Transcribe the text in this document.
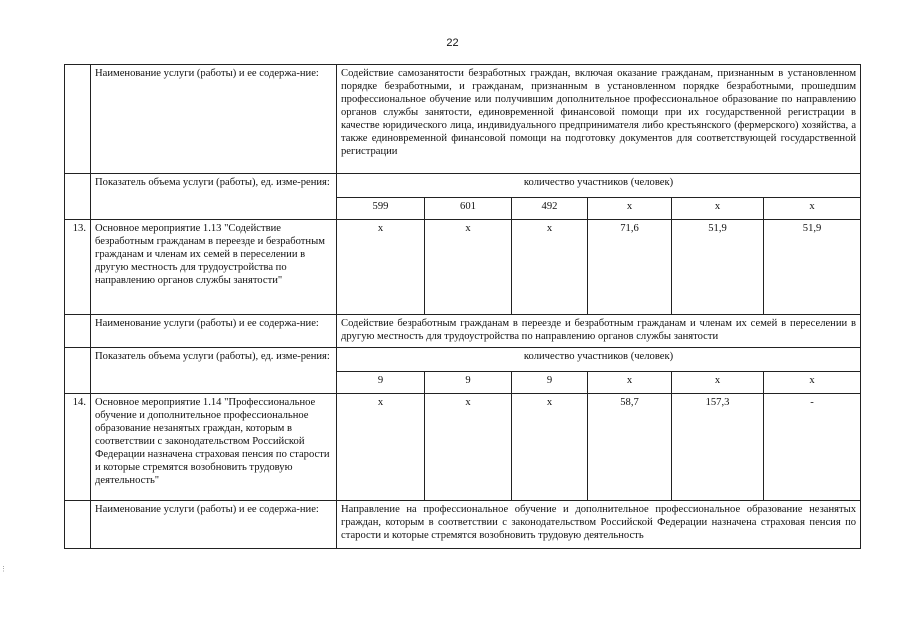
22
	Наименование услуги (работы) и ее содержа-ние:	Содействие самозанятости безработных граждан, включая оказание гражданам, признанным в установленном порядке безработными, и гражданам, признанным в установленном порядке безработными, прошедшим профессиональное обучение или получившим дополнительное профессиональное образование по направлению органов службы занятости, единовременной финансовой помощи при их государственной регистрации в качестве юридического лица, индивидуального предпринимателя либо крестьянского (фермерского) хозяйства, а также единовременной финансовой помощи на подготовку документов для соответствующей государственной регистрации					
	Показатель объема услуги (работы), ед. изме-рения:	количество участников (человек)					
		599	601	492	x	x	x
13.	Основное мероприятие 1.13 "Содействие безработным гражданам в переезде и безработным гражданам и членам их семей в переселении в другую местность для трудоустройства по направлению органов службы занятости"	x	x	x	71,6	51,9	51,9
	Наименование услуги (работы) и ее содержа-ние:	Содействие безработным гражданам в переезде и безработным гражданам и членам их семей в переселении в другую местность для трудоустройства по направлению органов службы занятости					
	Показатель объема услуги (работы), ед. изме-рения:	количество участников (человек)					
		9	9	9	x	x	x
14.	Основное мероприятие 1.14 "Профессиональное обучение и дополнительное профессиональное образование незанятых граждан, которым в соответствии с законодательством Российской Федерации назначена страховая пенсия по старости и которые стремятся возобновить трудовую деятельность"	x	x	x	58,7	157,3	-
	Наименование услуги (работы) и ее содержа-ние:	Направление на профессиональное обучение и дополнительное профессиональное образование незанятых граждан, которым в соответствии с законодательством Российской Федерации назначена страховая пенсия по старости и которые стремятся возобновить трудовую деятельность					
⋮
